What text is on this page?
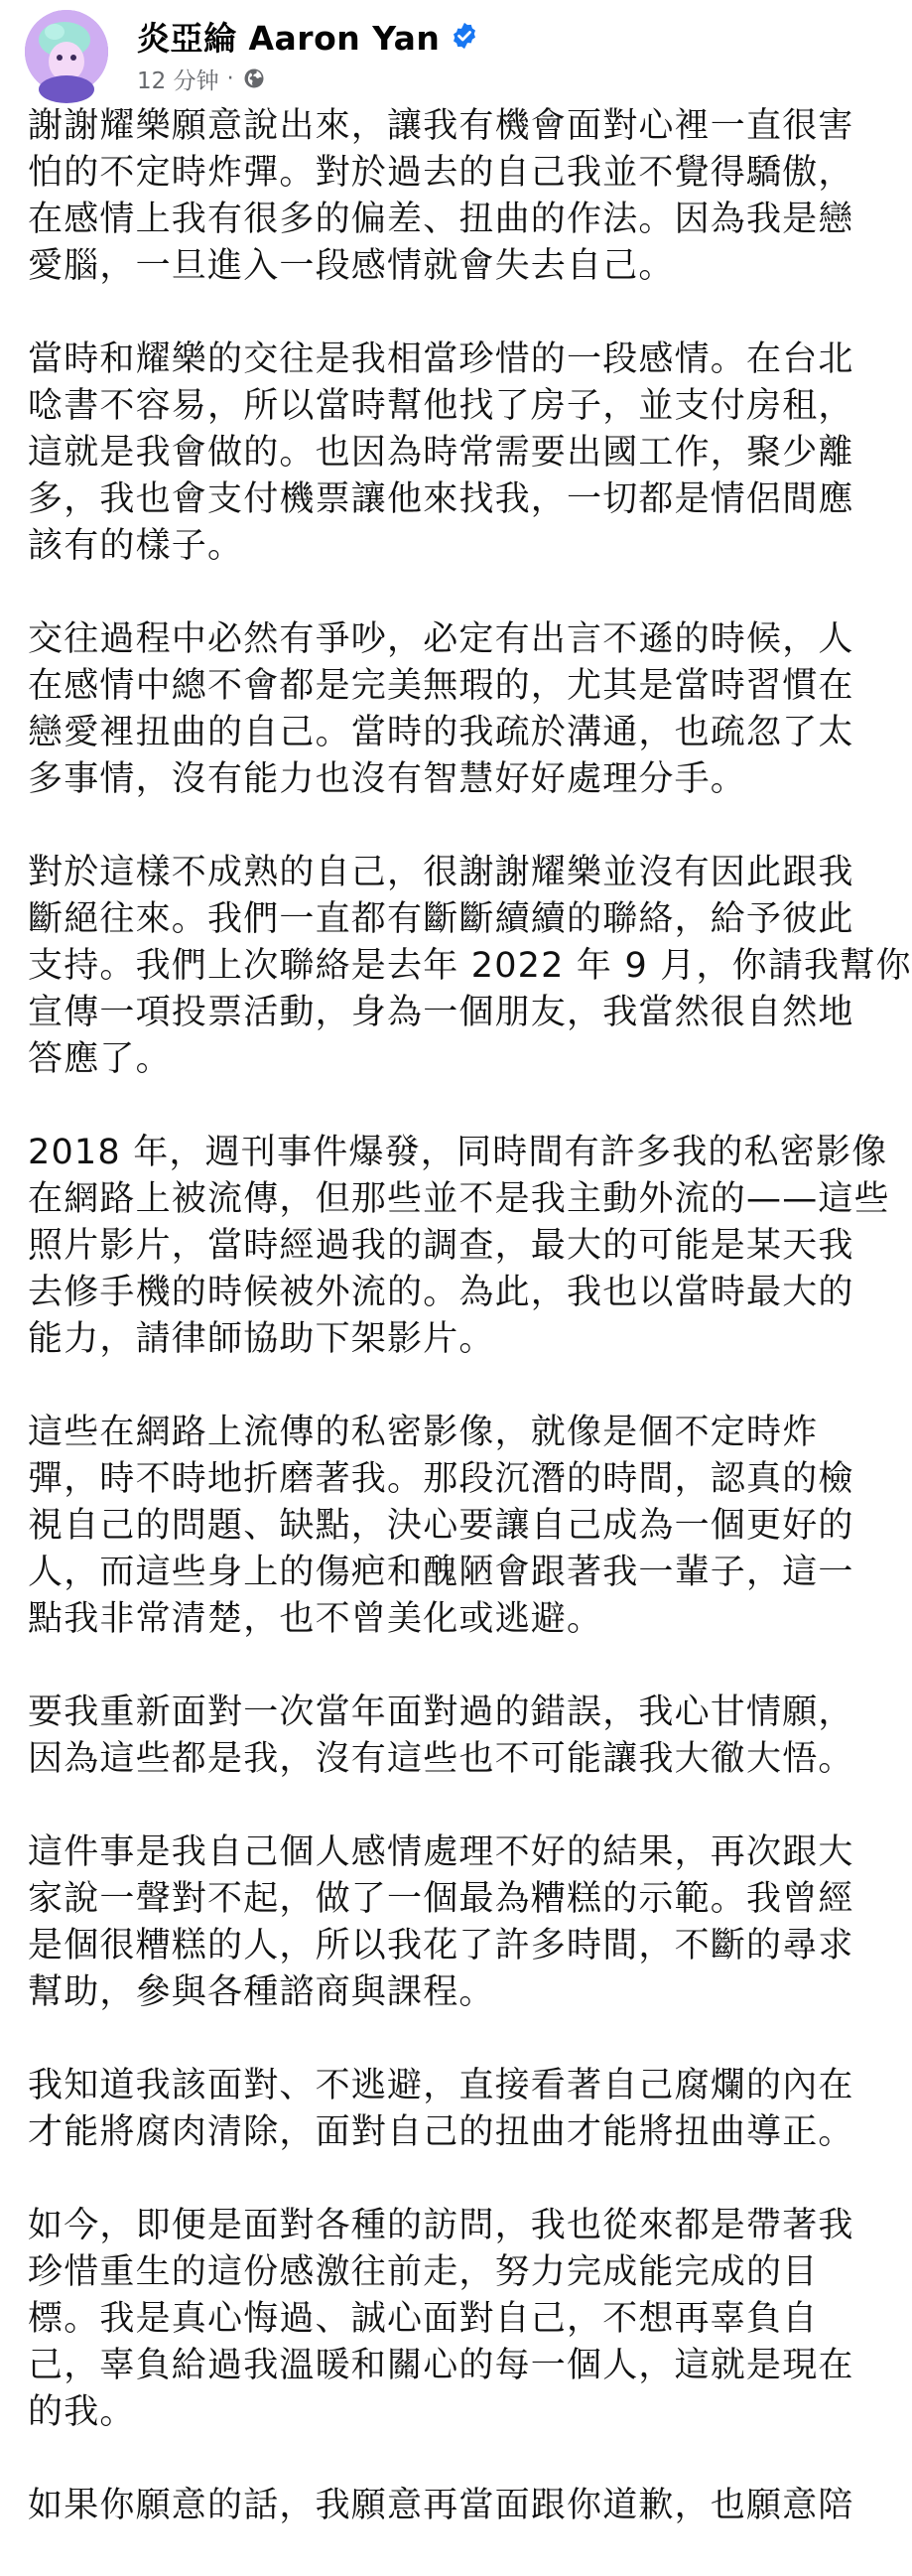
炎亞綸 Aaron Yan
12 分钟 ·
謝謝耀樂願意說出來，讓我有機會面對心裡一直很害
怕的不定時炸彈。對於過去的自己我並不覺得驕傲，
在感情上我有很多的偏差、扭曲的作法。因為我是戀
愛腦，一旦進入一段感情就會失去自己。
當時和耀樂的交往是我相當珍惜的一段感情。在台北
唸書不容易，所以當時幫他找了房子，並支付房租，
這就是我會做的。也因為時常需要出國工作，聚少離
多，我也會支付機票讓他來找我，一切都是情侶間應
該有的樣子。
交往過程中必然有爭吵，必定有出言不遜的時候，人
在感情中總不會都是完美無瑕的，尤其是當時習慣在
戀愛裡扭曲的自己。當時的我疏於溝通，也疏忽了太
多事情，沒有能力也沒有智慧好好處理分手。
對於這樣不成熟的自己，很謝謝耀樂並沒有因此跟我
斷絕往來。我們一直都有斷斷續續的聯絡，給予彼此
支持。我們上次聯絡是去年 2022 年 9 月，你請我幫你
宣傳一項投票活動，身為一個朋友，我當然很自然地
答應了。
2018 年，週刊事件爆發，同時間有許多我的私密影像
在網路上被流傳，但那些並不是我主動外流的——這些
照片影片，當時經過我的調查，最大的可能是某天我
去修手機的時候被外流的。為此，我也以當時最大的
能力，請律師協助下架影片。
這些在網路上流傳的私密影像，就像是個不定時炸
彈，時不時地折磨著我。那段沉潛的時間，認真的檢
視自己的問題、缺點，決心要讓自己成為一個更好的
人，而這些身上的傷疤和醜陋會跟著我一輩子，這一
點我非常清楚，也不曾美化或逃避。
要我重新面對一次當年面對過的錯誤，我心甘情願，
因為這些都是我，沒有這些也不可能讓我大徹大悟。
這件事是我自己個人感情處理不好的結果，再次跟大
家說一聲對不起，做了一個最為糟糕的示範。我曾經
是個很糟糕的人，所以我花了許多時間，不斷的尋求
幫助，參與各種諮商與課程。
我知道我該面對、不逃避，直接看著自己腐爛的內在
才能將腐肉清除，面對自己的扭曲才能將扭曲導正。
如今，即便是面對各種的訪問，我也從來都是帶著我
珍惜重生的這份感激往前走，努力完成能完成的目
標。我是真心悔過、誠心面對自己，不想再辜負自
己，辜負給過我溫暖和關心的每一個人，這就是現在
的我。
如果你願意的話，我願意再當面跟你道歉，也願意陪
